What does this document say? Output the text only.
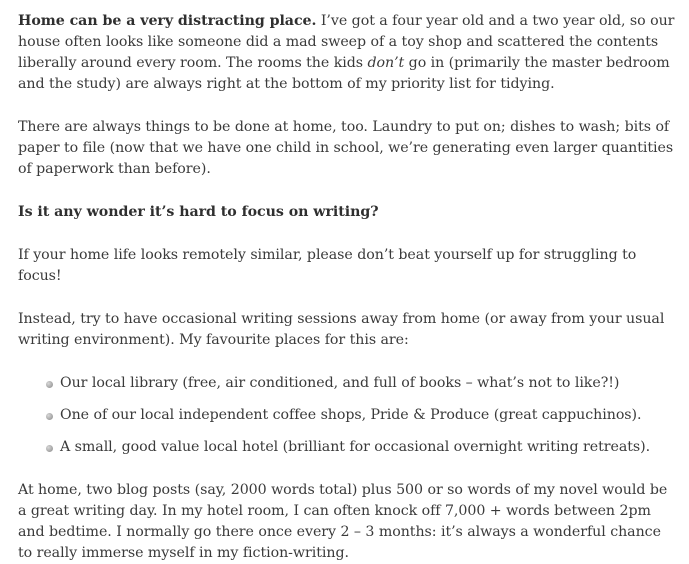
Home can be a very distracting place. I’ve got a four year old and a two year old, so our house often looks like someone did a mad sweep of a toy shop and scattered the contents liberally around every room. The rooms the kids don’t go in (primarily the master bedroom and the study) are always right at the bottom of my priority list for tidying.

There are always things to be done at home, too. Laundry to put on; dishes to wash; bits of paper to file (now that we have one child in school, we’re generating even larger quantities of paperwork than before).

Is it any wonder it’s hard to focus on writing?

If your home life looks remotely similar, please don’t beat yourself up for struggling to focus!

Instead, try to have occasional writing sessions away from home (or away from your usual writing environment). My favourite places for this are:

Our local library (free, air conditioned, and full of books – what’s not to like?!)
One of our local independent coffee shops, Pride & Produce (great cappuchinos).
A small, good value local hotel (brilliant for occasional overnight writing retreats).

At home, two blog posts (say, 2000 words total) plus 500 or so words of my novel would be a great writing day. In my hotel room, I can often knock off 7,000 + words between 2pm and bedtime. I normally go there once every 2 – 3 months: it’s always a wonderful chance to really immerse myself in my fiction-writing.
